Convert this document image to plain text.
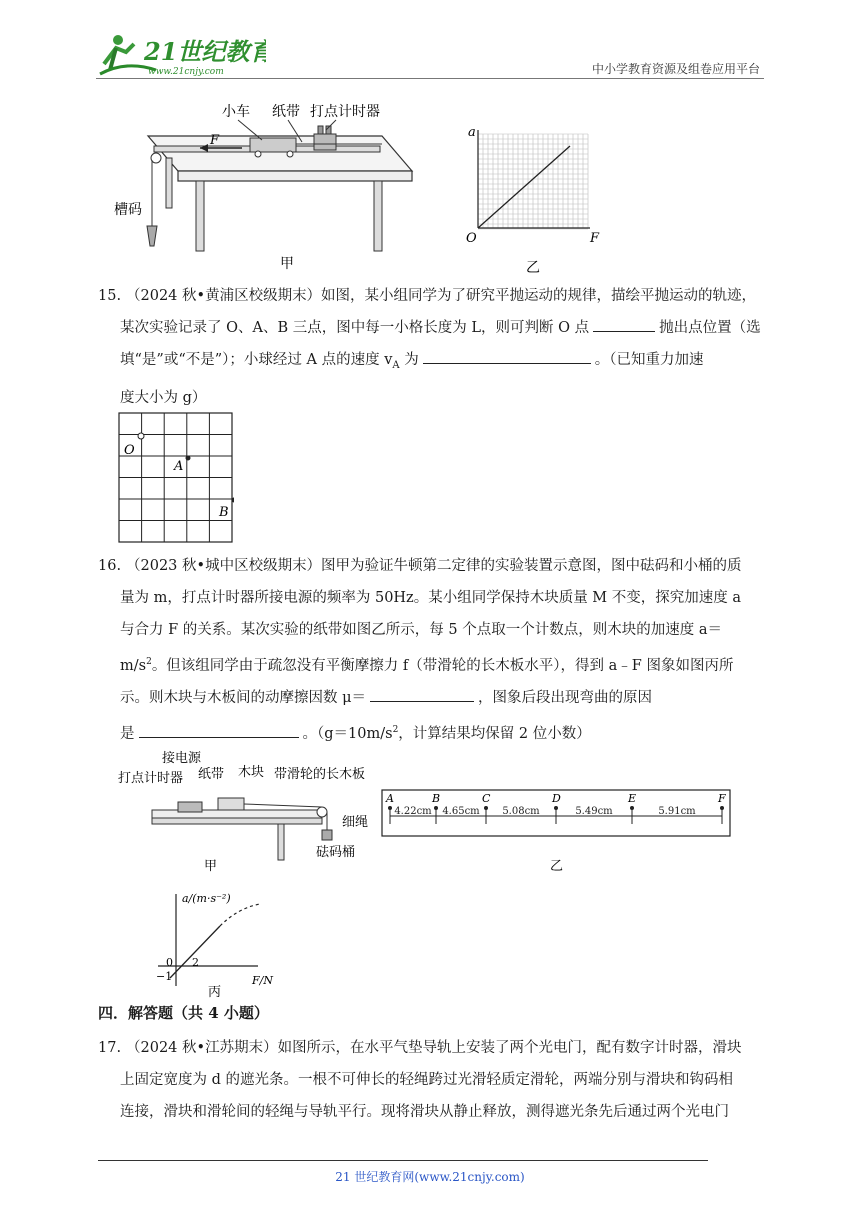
21世纪教育
www.21cnjy.com	中小学教育资源及组卷应用平台
F
小车 纸带 打点计时器
槽码
甲
a
F
O
乙
15. （2024 秋•黄浦区校级期末）如图，某小组同学为了研究平抛运动的规律，描绘平抛运动的轨迹，
某次实验记录了 O、A、B 三点，图中每一小格长度为 L，则可判断 O 点	抛出点位置（选
填“是”或“不是”）；小球经过 A 点的速度 $v_A$ 为	。（已知重力加速
度大小为 g）
O
A
B
16. （2023 秋•城中区校级期末）图甲为验证牛顿第二定律的实验装置示意图，图中砝码和小桶的质
量为 m，打点计时器所接电源的频率为 50Hz。某小组同学保持木块质量 M 不变，探究加速度 a
与合力 F 的关系。某次实验的纸带如图乙所示，每 5 个点取一个计数点，则木块的加速度 a＝
$m/s^2$。但该组同学由于疏忽没有平衡摩擦力 f（带滑轮的长木板水平），得到 a﹣F 图象如图丙所
示。则木块与木板间的动摩擦因数 μ＝	，图象后段出现弯曲的原因
是	。（$g=10m/s^2$，计算结果均保留 2 位小数）
接电源
打点计时器 纸带 木块 带滑轮的长木板
细绳
砝码桶
甲
A	B	C	D	E	F
4.22cm 4.65cm 5.08cm	5.49cm	5.91cm
乙
a/(m·s⁻²)
F/N
0
−1
2
丙
四．解答题（共 4 小题）
17. （2024 秋•江苏期末）如图所示，在水平气垫导轨上安装了两个光电门，配有数字计时器，滑块
上固定宽度为 d 的遮光条。一根不可伸长的轻绳跨过光滑轻质定滑轮，两端分别与滑块和钩码相
连接，滑块和滑轮间的轻绳与导轨平行。现将滑块从静止释放，测得遮光条先后通过两个光电门
21 世纪教育网(www.21cnjy.com)
